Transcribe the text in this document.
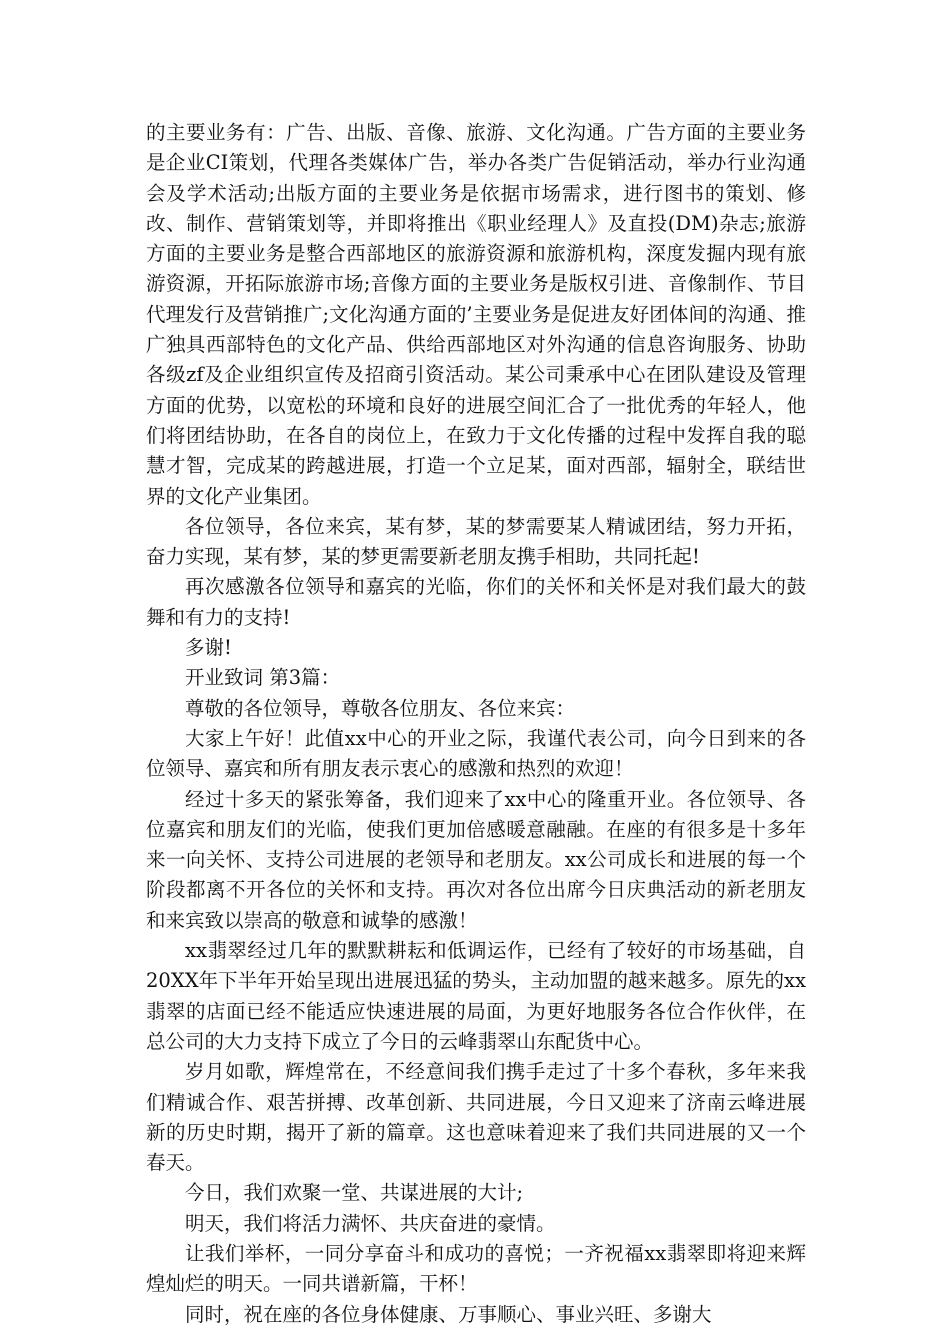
的主要业务有：广告、出版、音像、旅游、文化沟通。广告方面的主要业务是企业CI策划，代理各类媒体广告，举办各类广告促销活动，举办行业沟通会及学术活动;出版方面的主要业务是依据市场需求，进行图书的策划、修改、制作、营销策划等，并即将推出《职业经理人》及直投(DM)杂志;旅游方面的主要业务是整合西部地区的旅游资源和旅游机构，深度发掘内现有旅游资源，开拓际旅游市场;音像方面的主要业务是版权引进、音像制作、节目代理发行及营销推广;文化沟通方面的’主要业务是促进友好团体间的沟通、推广独具西部特色的文化产品、供给西部地区对外沟通的信息咨询服务、协助各级zf及企业组织宣传及招商引资活动。某公司秉承中心在团队建设及管理方面的优势，以宽松的环境和良好的进展空间汇合了一批优秀的年轻人，他们将团结协助，在各自的岗位上，在致力于文化传播的过程中发挥自我的聪慧才智，完成某的跨越进展，打造一个立足某，面对西部，辐射全，联结世界的文化产业集团。

各位领导，各位来宾，某有梦，某的梦需要某人精诚团结，努力开拓，奋力实现，某有梦，某的梦更需要新老朋友携手相助，共同托起!

再次感激各位领导和嘉宾的光临，你们的关怀和关怀是对我们最大的鼓舞和有力的支持!

多谢!

开业致词 第3篇：

尊敬的各位领导，尊敬各位朋友、各位来宾：

大家上午好！此值xx中心的开业之际，我谨代表公司，向今日到来的各位领导、嘉宾和所有朋友表示衷心的感激和热烈的欢迎！

经过十多天的紧张筹备，我们迎来了xx中心的隆重开业。各位领导、各位嘉宾和朋友们的光临，使我们更加倍感暖意融融。在座的有很多是十多年来一向关怀、支持公司进展的老领导和老朋友。xx公司成长和进展的每一个阶段都离不开各位的关怀和支持。再次对各位出席今日庆典活动的新老朋友和来宾致以崇高的敬意和诚挚的感激！

xx翡翠经过几年的默默耕耘和低调运作，已经有了较好的市场基础，自20XX年下半年开始呈现出进展迅猛的势头，主动加盟的越来越多。原先的xx翡翠的店面已经不能适应快速进展的局面，为更好地服务各位合作伙伴，在总公司的大力支持下成立了今日的云峰翡翠山东配货中心。

岁月如歌，辉煌常在，不经意间我们携手走过了十多个春秋，多年来我们精诚合作、艰苦拼搏、改革创新、共同进展，今日又迎来了济南云峰进展新的历史时期，揭开了新的篇章。这也意味着迎来了我们共同进展的又一个春天。

今日，我们欢聚一堂、共谋进展的大计;

明天，我们将活力满怀、共庆奋进的豪情。

让我们举杯，一同分享奋斗和成功的喜悦；一齐祝福xx翡翠即将迎来辉煌灿烂的明天。一同共谱新篇，干杯！

同时，祝在座的各位身体健康、万事顺心、事业兴旺、多谢大
